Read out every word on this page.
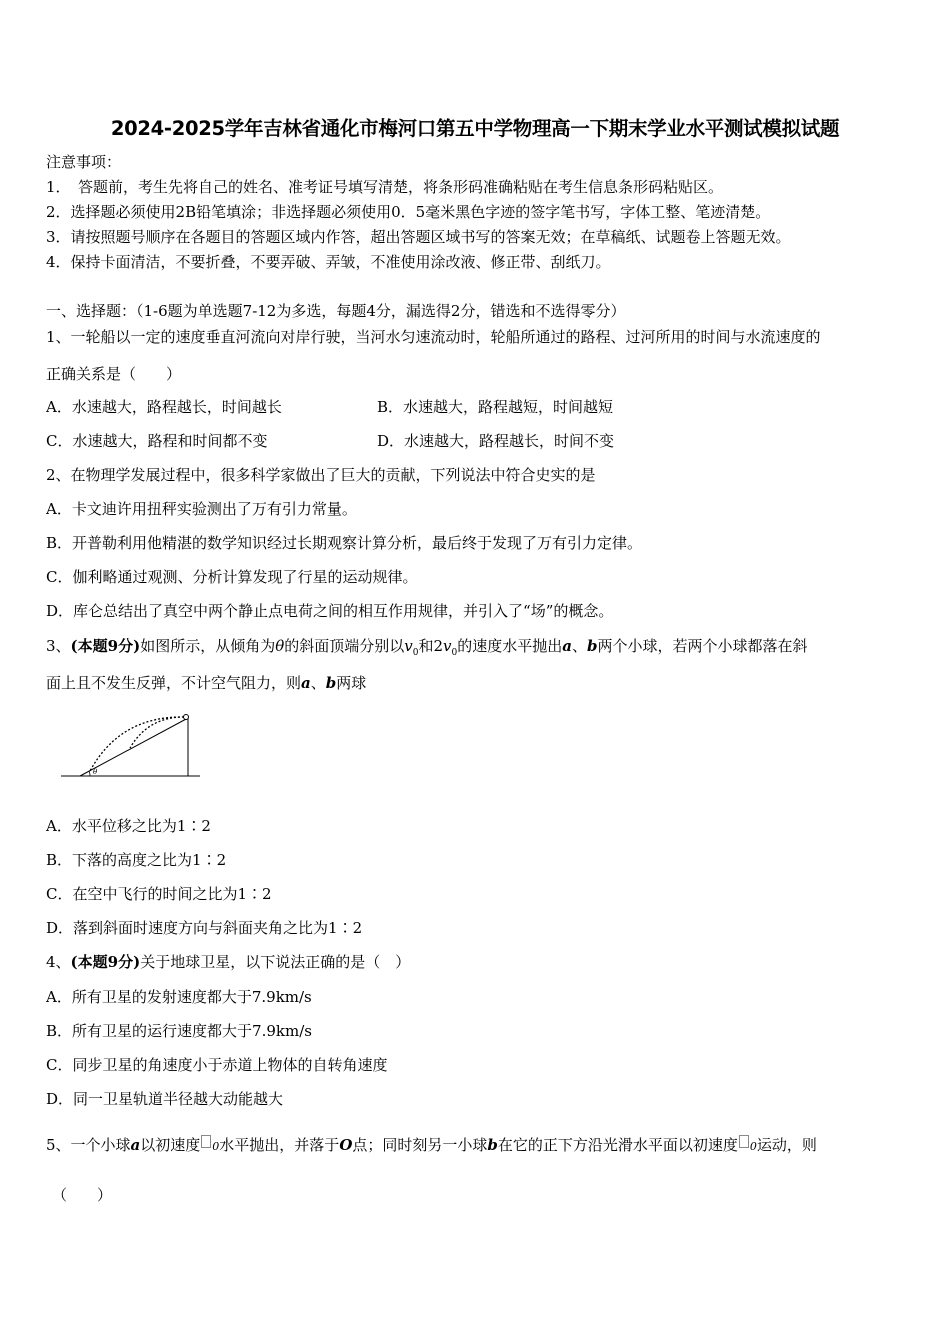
2024-2025学年吉林省通化市梅河口第五中学物理高一下期末学业水平测试模拟试题
注意事项：
1．　答题前，考生先将自己的姓名、准考证号填写清楚，将条形码准确粘贴在考生信息条形码粘贴区。
2．选择题必须使用2B铅笔填涂；非选择题必须使用0．5毫米黑色字迹的签字笔书写，字体工整、笔迹清楚。
3．请按照题号顺序在各题目的答题区域内作答，超出答题区域书写的答案无效；在草稿纸、试题卷上答题无效。
4．保持卡面清洁，不要折叠，不要弄破、弄皱，不准使用涂改液、修正带、刮纸刀。
一、选择题：（1-6题为单选题7-12为多选，每题4分，漏选得2分，错选和不选得零分）
1、一轮船以一定的速度垂直河流向对岸行驶，当河水匀速流动时，轮船所通过的路程、过河所用的时间与水流速度的
正确关系是（　　）
A．水速越大，路程越长，时间越长	B．水速越大，路程越短，时间越短
C．水速越大，路程和时间都不变	D．水速越大，路程越长，时间不变
2、在物理学发展过程中，很多科学家做出了巨大的贡献，下列说法中符合史实的是
A．卡文迪许用扭秤实验测出了万有引力常量。
B．开普勒利用他精湛的数学知识经过长期观察计算分析，最后终于发现了万有引力定律。
C．伽利略通过观测、分析计算发现了行星的运动规律。
D．库仑总结出了真空中两个静止点电荷之间的相互作用规律，并引入了“场”的概念。
3、(本题9分)如图所示，从倾角为θ的斜面顶端分别以$v_0$和$2v_0$的速度水平抛出a、b两个小球，若两个小球都落在斜
面上且不发生反弹，不计空气阻力，则a、b两球
θ
A．水平位移之比为1∶2
B．下落的高度之比为1∶2
C．在空中飞行的时间之比为1∶2
D．落到斜面时速度方向与斜面夹角之比为1∶2
4、(本题9分)关于地球卫星，以下说法正确的是（　）
A．所有卫星的发射速度都大于7.9km/s
B．所有卫星的运行速度都大于7.9km/s
C．同步卫星的角速度小于赤道上物体的自转角速度
D．同一卫星轨道半径越大动能越大
5、一个小球a以初速度 0水平抛出，并落于O点；同时刻另一小球b在它的正下方沿光滑水平面以初速度 0运动，则
（　　）
